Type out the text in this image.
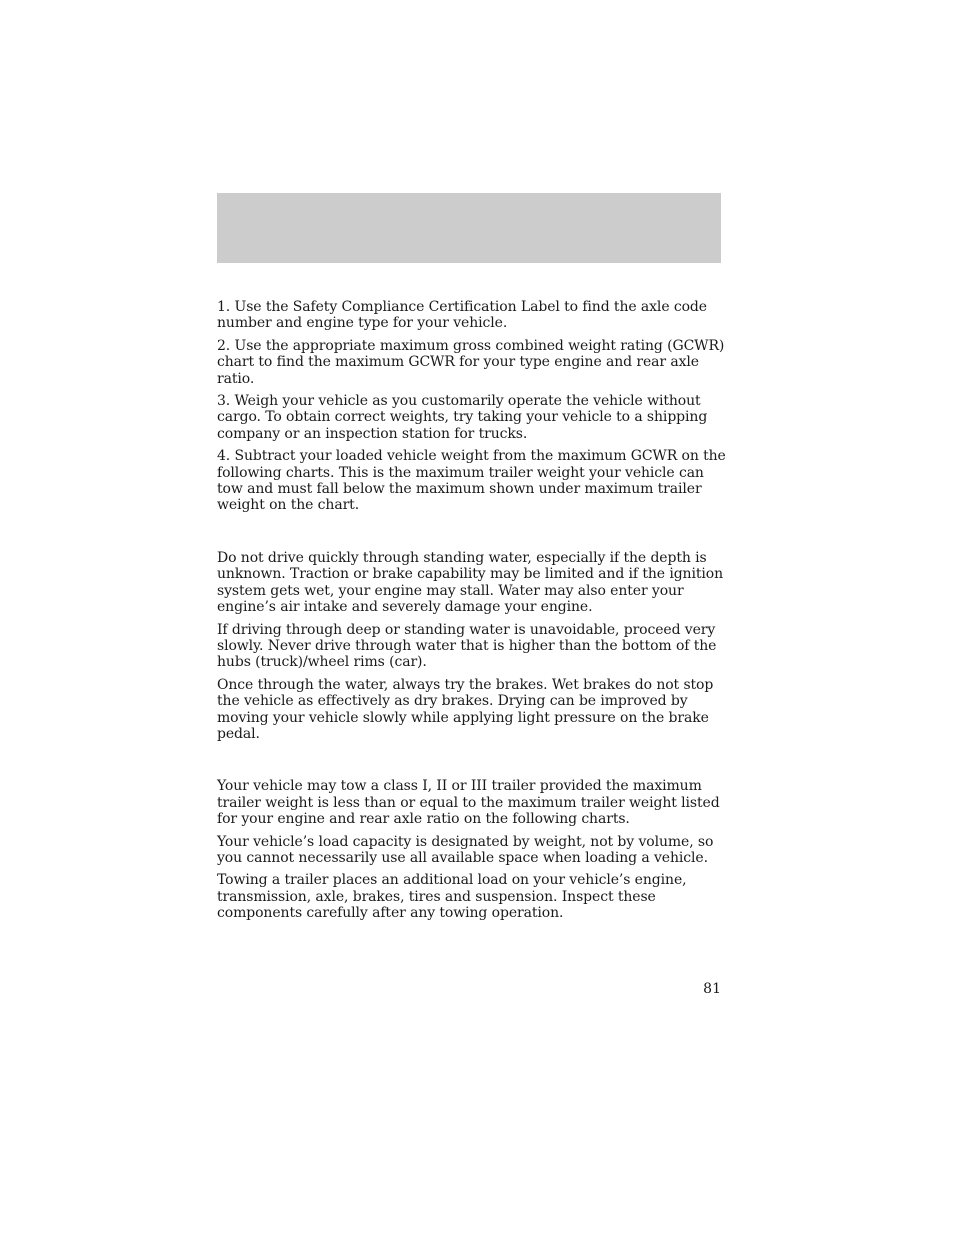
1. Use the Safety Compliance Certification Label to find the axle code number and engine type for your vehicle.

2. Use the appropriate maximum gross combined weight rating (GCWR) chart to find the maximum GCWR for your type engine and rear axle ratio.

3. Weigh your vehicle as you customarily operate the vehicle without cargo. To obtain correct weights, try taking your vehicle to a shipping company or an inspection station for trucks.

4. Subtract your loaded vehicle weight from the maximum GCWR on the following charts. This is the maximum trailer weight your vehicle can tow and must fall below the maximum shown under maximum trailer weight on the chart.

Do not drive quickly through standing water, especially if the depth is unknown. Traction or brake capability may be limited and if the ignition system gets wet, your engine may stall. Water may also enter your engine’s air intake and severely damage your engine.

If driving through deep or standing water is unavoidable, proceed very slowly. Never drive through water that is higher than the bottom of the hubs (truck)/wheel rims (car).

Once through the water, always try the brakes. Wet brakes do not stop the vehicle as effectively as dry brakes. Drying can be improved by moving your vehicle slowly while applying light pressure on the brake pedal.

Your vehicle may tow a class I, II or III trailer provided the maximum trailer weight is less than or equal to the maximum trailer weight listed for your engine and rear axle ratio on the following charts.

Your vehicle’s load capacity is designated by weight, not by volume, so you cannot necessarily use all available space when loading a vehicle.

Towing a trailer places an additional load on your vehicle’s engine, transmission, axle, brakes, tires and suspension. Inspect these components carefully after any towing operation.

81
